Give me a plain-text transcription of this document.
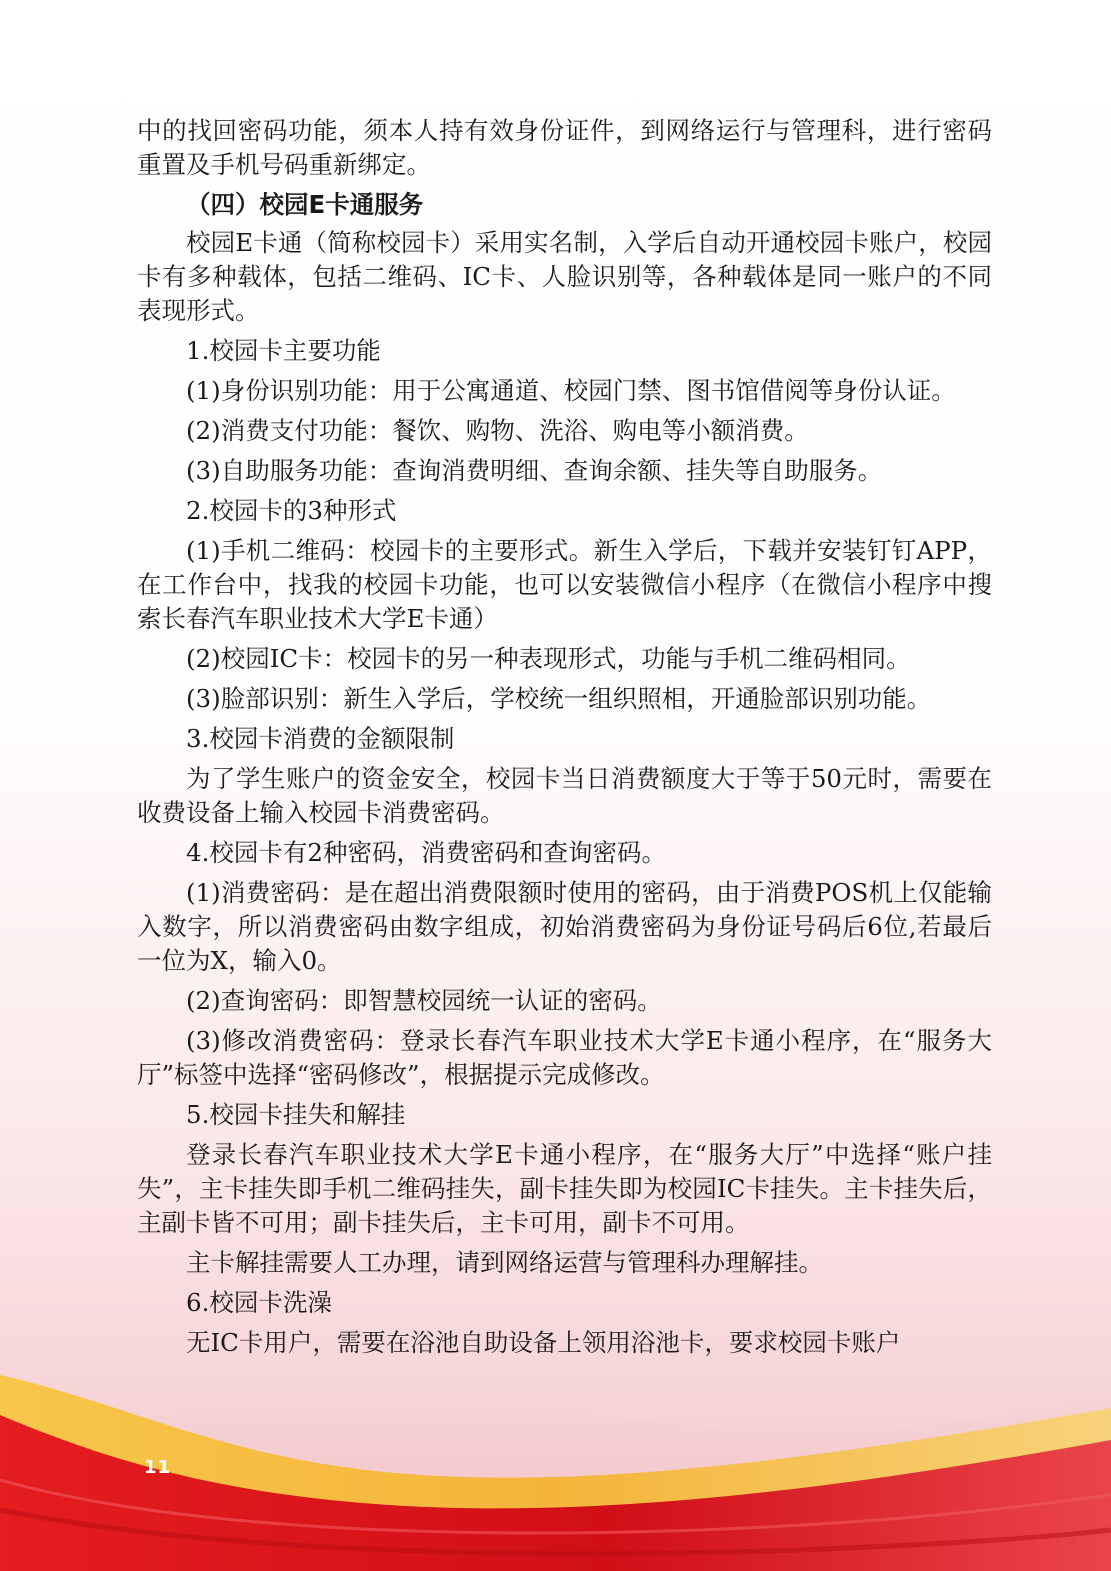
中的找回密码功能，须本人持有效身份证件，到网络运行与管理科，进行密码重置及手机号码重新绑定。

（四）校园E卡通服务

校园E卡通（简称校园卡）采用实名制，入学后自动开通校园卡账户，校园卡有多种载体，包括二维码、IC卡、人脸识别等，各种载体是同一账户的不同表现形式。

1.校园卡主要功能

(1)身份识别功能：用于公寓通道、校园门禁、图书馆借阅等身份认证。

(2)消费支付功能：餐饮、购物、洗浴、购电等小额消费。

(3)自助服务功能：查询消费明细、查询余额、挂失等自助服务。

2.校园卡的3种形式

(1)手机二维码：校园卡的主要形式。新生入学后，下载并安装钉钉APP，在工作台中，找我的校园卡功能，也可以安装微信小程序（在微信小程序中搜索长春汽车职业技术大学E卡通）

(2)校园IC卡：校园卡的另一种表现形式，功能与手机二维码相同。

(3)脸部识别：新生入学后，学校统一组织照相，开通脸部识别功能。

3.校园卡消费的金额限制

为了学生账户的资金安全，校园卡当日消费额度大于等于50元时，需要在收费设备上输入校园卡消费密码。

4.校园卡有2种密码，消费密码和查询密码。

(1)消费密码：是在超出消费限额时使用的密码，由于消费POS机上仅能输入数字，所以消费密码由数字组成，初始消费密码为身份证号码后6位,若最后一位为X，输入0。

(2)查询密码：即智慧校园统一认证的密码。

(3)修改消费密码：登录长春汽车职业技术大学E卡通小程序，在“服务大厅”标签中选择“密码修改”，根据提示完成修改。

5.校园卡挂失和解挂

登录长春汽车职业技术大学E卡通小程序，在“服务大厅”中选择“账户挂失”，主卡挂失即手机二维码挂失，副卡挂失即为校园IC卡挂失。主卡挂失后，主副卡皆不可用；副卡挂失后，主卡可用，副卡不可用。

主卡解挂需要人工办理，请到网络运营与管理科办理解挂。

6.校园卡洗澡

无IC卡用户，需要在浴池自助设备上领用浴池卡，要求校园卡账户

11
